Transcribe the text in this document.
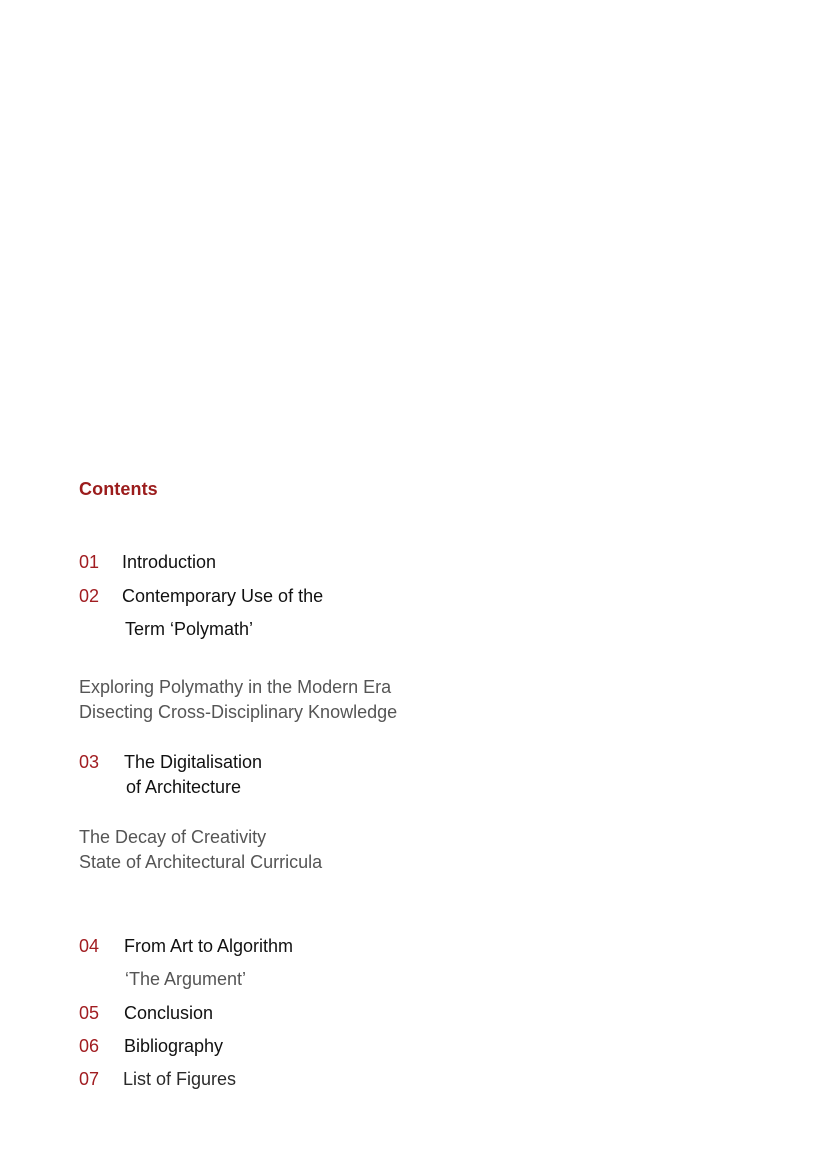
Contents
01 Introduction
02 Contemporary Use of the
Term ‘Polymath’
Exploring Polymathy in the Modern Era
Disecting Cross-Disciplinary Knowledge
03 The Digitalisation
of Architecture
The Decay of Creativity
State of Architectural Curricula
04 From Art to Algorithm
‘The Argument’
05 Conclusion
06 Bibliography
07 List of Figures
